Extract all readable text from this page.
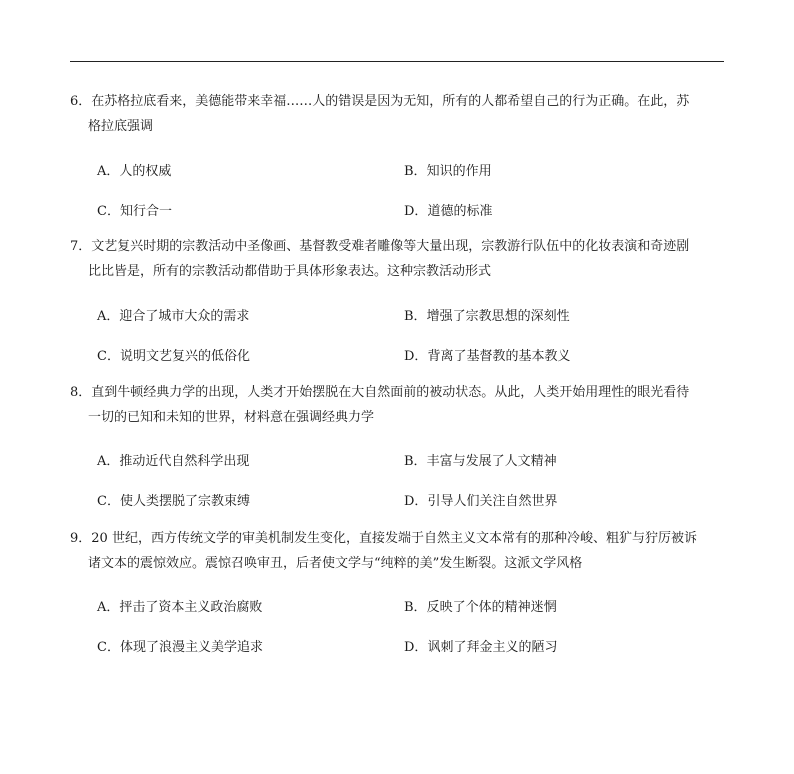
6．在苏格拉底看来，美德能带来幸福……人的错误是因为无知，所有的人都希望自己的行为正确。在此，苏
格拉底强调

A．人的权威	B．知识的作用
C．知行合一	D．道德的标准

7．文艺复兴时期的宗教活动中圣像画、基督教受难者雕像等大量出现，宗教游行队伍中的化妆表演和奇迹剧
比比皆是，所有的宗教活动都借助于具体形象表达。这种宗教活动形式

A．迎合了城市大众的需求	B．增强了宗教思想的深刻性
C．说明文艺复兴的低俗化	D．背离了基督教的基本教义

8．直到牛顿经典力学的出现，人类才开始摆脱在大自然面前的被动状态。从此，人类开始用理性的眼光看待
一切的已知和未知的世界，材料意在强调经典力学

A．推动近代自然科学出现	B．丰富与发展了人文精神
C．使人类摆脱了宗教束缚	D．引导人们关注自然世界

9．20 世纪，西方传统文学的审美机制发生变化，直接发端于自然主义文本常有的那种冷峻、粗犷与狞厉被诉
诸文本的震惊效应。震惊召唤审丑，后者使文学与“纯粹的美”发生断裂。这派文学风格

A．抨击了资本主义政治腐败	B．反映了个体的精神迷惘
C．体现了浪漫主义美学追求	D．讽刺了拜金主义的陋习
